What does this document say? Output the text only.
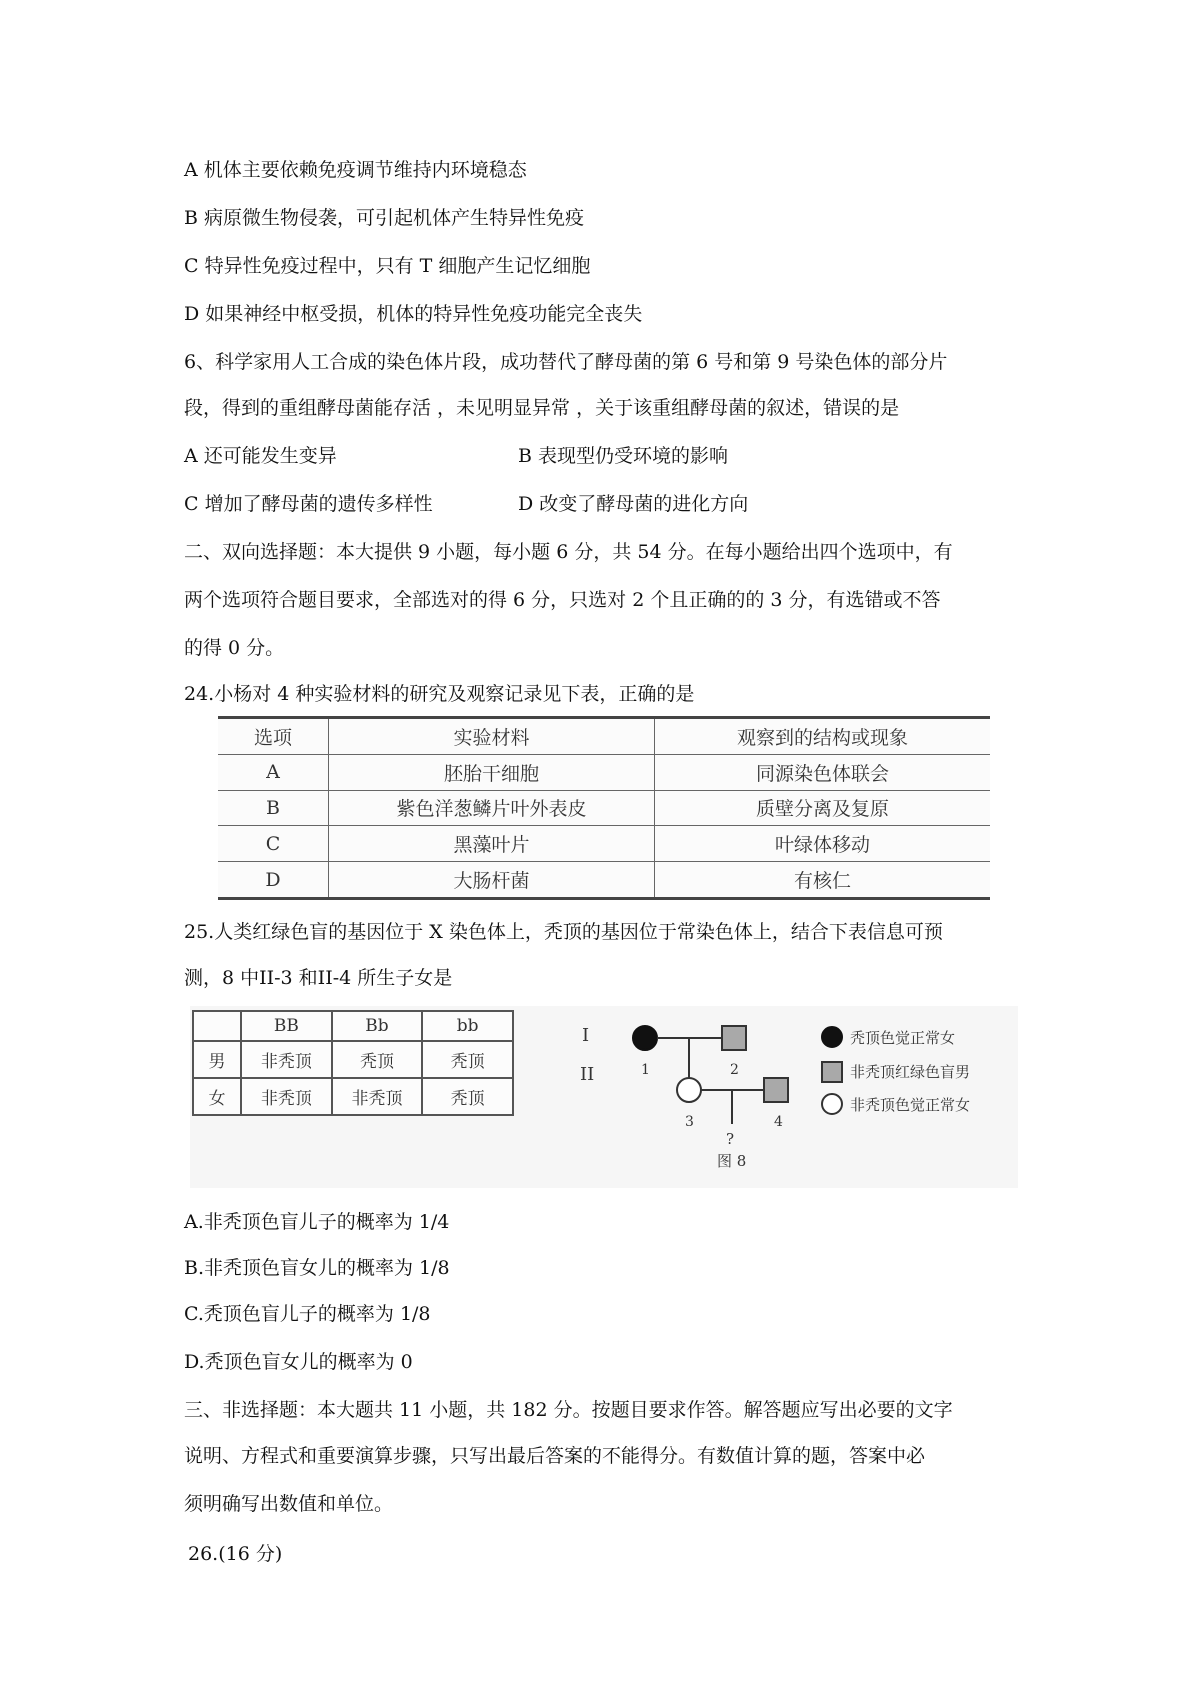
A 机体主要依赖免疫调节维持内环境稳态
B 病原微生物侵袭，可引起机体产生特异性免疫
C 特异性免疫过程中，只有 T 细胞产生记忆细胞
D 如果神经中枢受损，机体的特异性免疫功能完全丧失
6、科学家用人工合成的染色体片段，成功替代了酵母菌的第 6 号和第 9 号染色体的部分片
段，得到的重组酵母菌能存活 ，未见明显异常 ，关于该重组酵母菌的叙述，错误的是
A 还可能发生变异	B 表现型仍受环境的影响
C 增加了酵母菌的遗传多样性	D 改变了酵母菌的进化方向
二、双向选择题：本大提供 9 小题，每小题 6 分，共 54 分。在每小题给出四个选项中，有
两个选项符合题目要求，全部选对的得 6 分，只选对 2 个且正确的的 3 分，有选错或不答
的得 0 分。
24.小杨对 4 种实验材料的研究及观察记录见下表，正确的是
选项	实验材料	观察到的结构或现象
A	胚胎干细胞	同源染色体联会
B	紫色洋葱鳞片叶外表皮	质壁分离及复原
C	黑藻叶片	叶绿体移动
D	大肠杆菌	有核仁
25.人类红绿色盲的基因位于 X 染色体上，秃顶的基因位于常染色体上，结合下表信息可预
测，8 中II-3 和II-4 所生子女是
	BB	Bb	bb
男	非秃顶	秃顶	秃顶
女	非秃顶	非秃顶	秃顶
I
II	1	2
3	4
?
图 8
秃顶色觉正常女
非秃顶红绿色盲男
非秃顶色觉正常女
A.非秃顶色盲儿子的概率为 1/4
B.非秃顶色盲女儿的概率为 1/8
C.秃顶色盲儿子的概率为 1/8
D.秃顶色盲女儿的概率为 0
三、非选择题：本大题共 11 小题，共 182 分。按题目要求作答。解答题应写出必要的文字
说明、方程式和重要演算步骤，只写出最后答案的不能得分。有数值计算的题，答案中必
须明确写出数值和单位。
26.(16 分)
